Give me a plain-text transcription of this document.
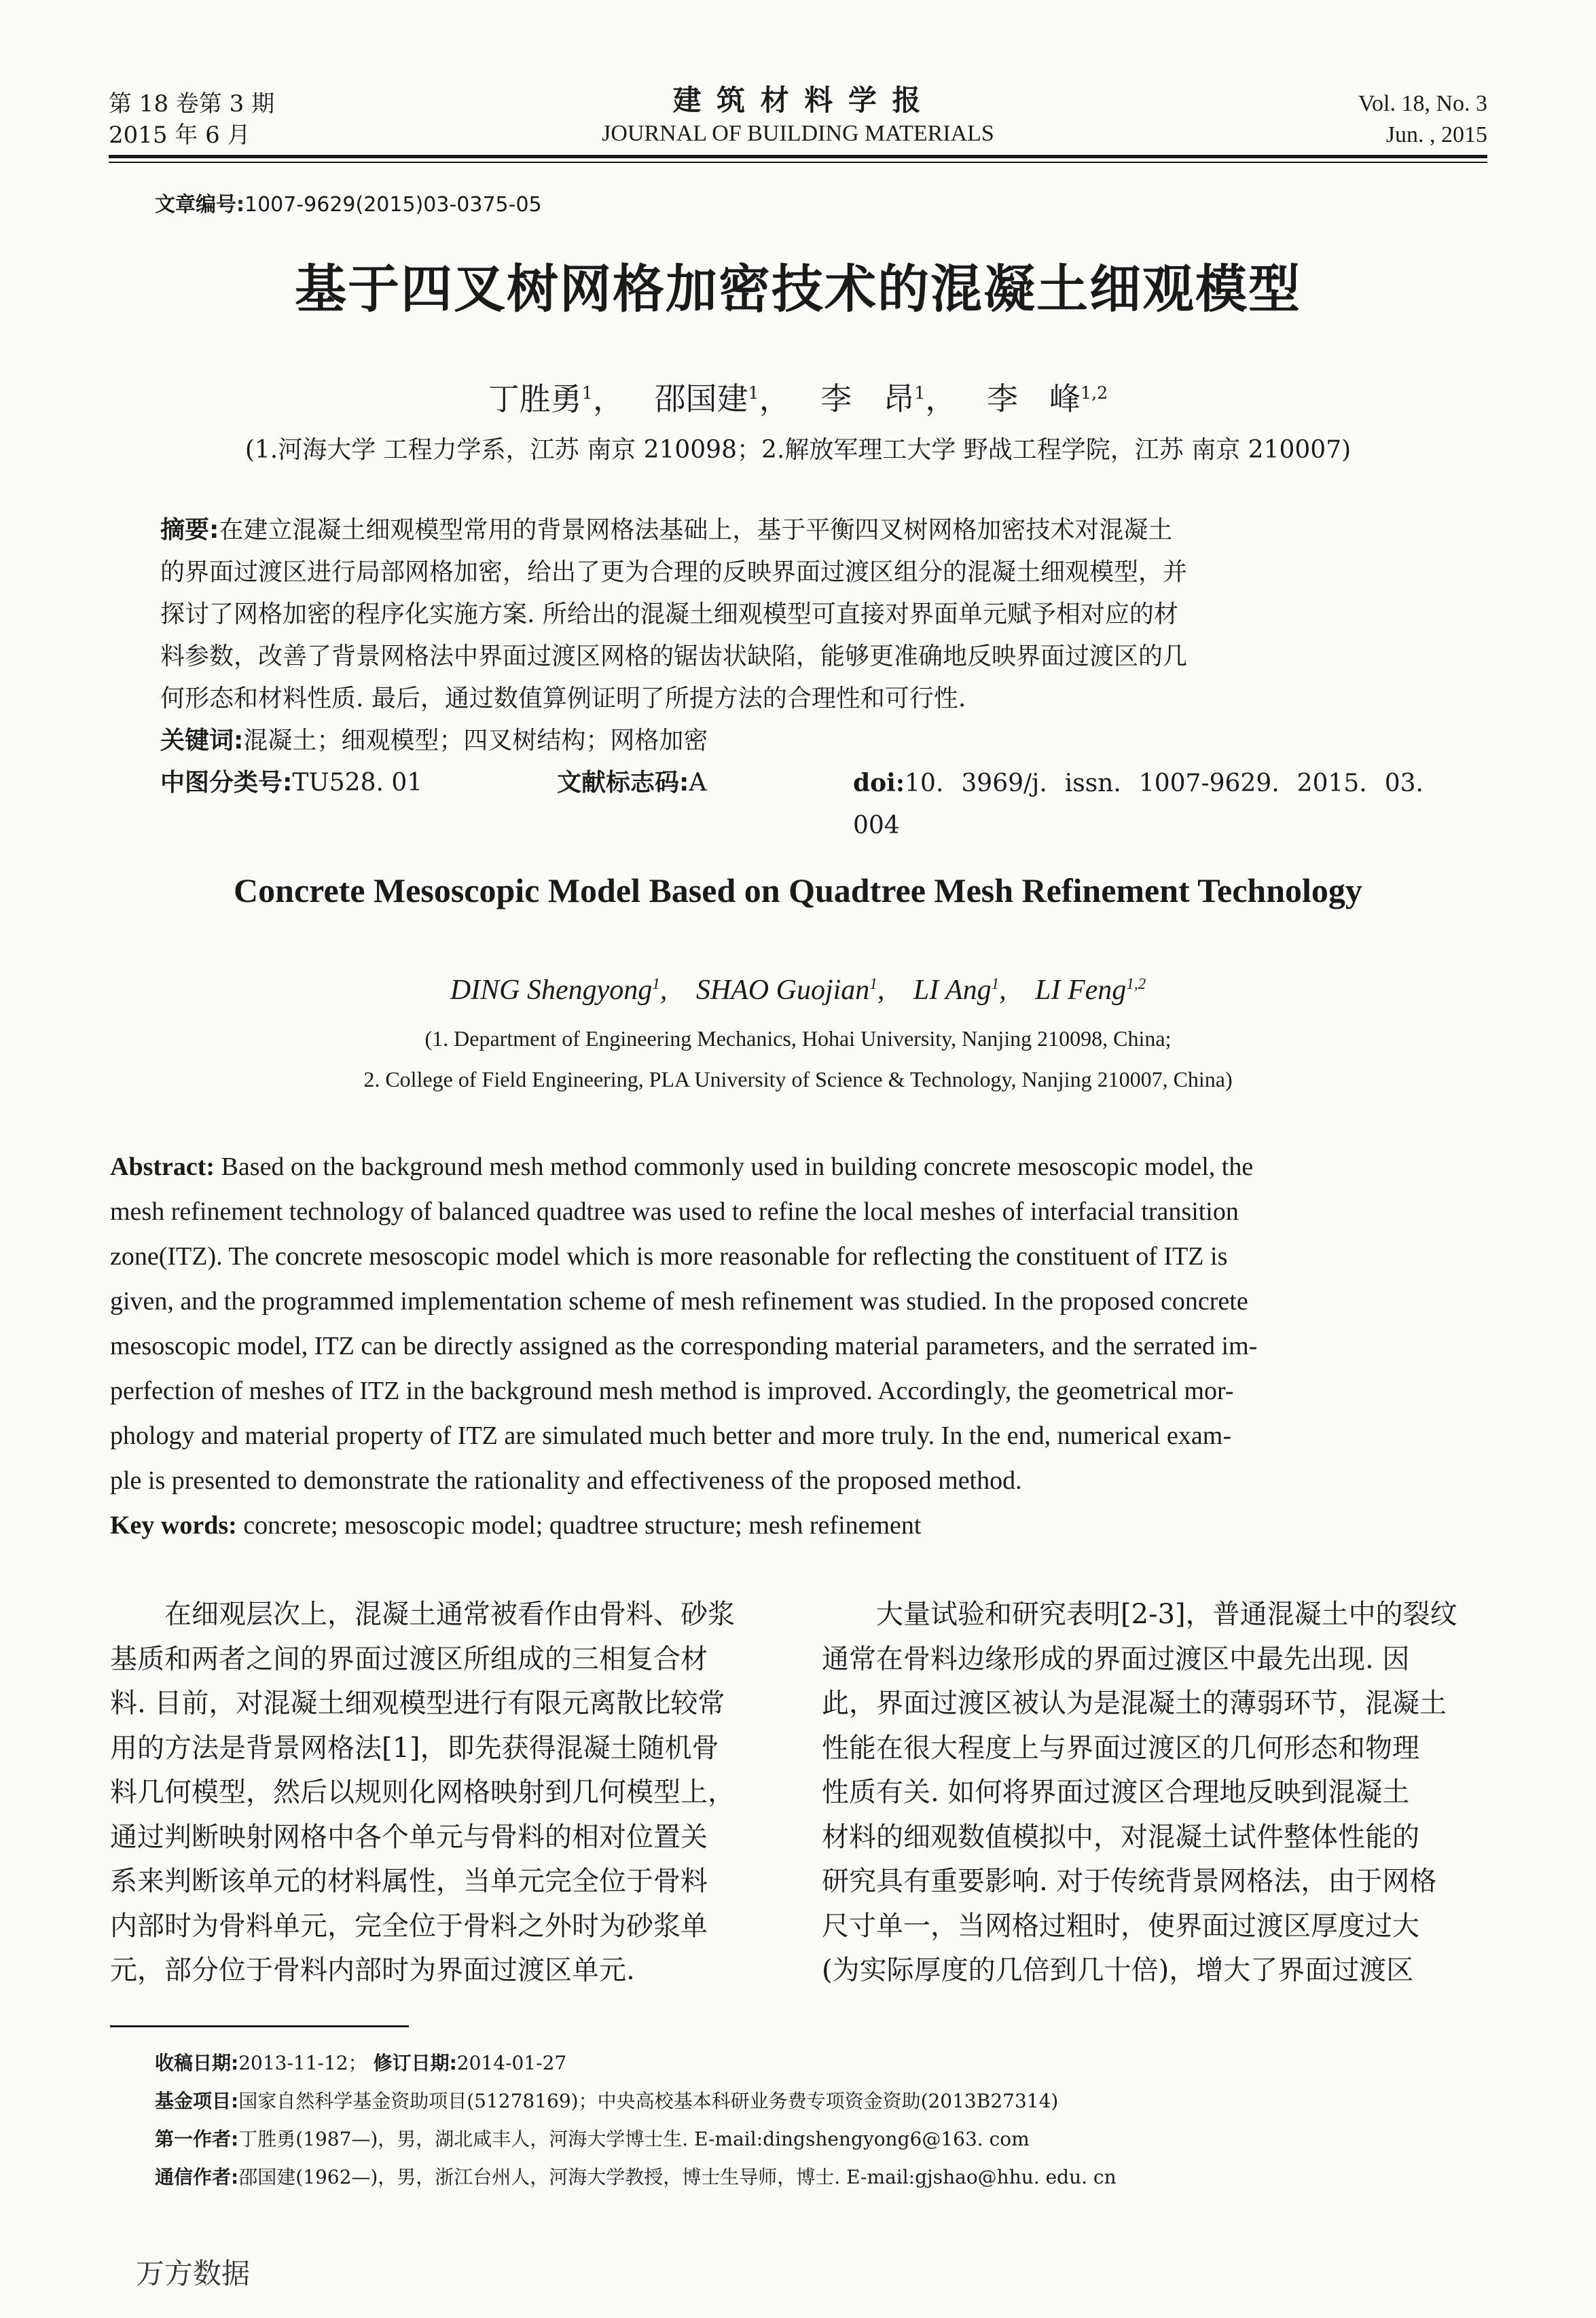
第 18 卷第 3 期
2015 年 6 月
建 筑 材 料 学 报
JOURNAL OF BUILDING MATERIALS
Vol. 18, No. 3
Jun. , 2015
文章编号:1007-9629(2015)03-0375-05
基于四叉树网格加密技术的混凝土细观模型
丁胜勇$^1$， 邵国建$^1$， 李　昂$^1$， 李　峰$^{1,2}$
(1.河海大学 工程力学系，江苏 南京 210098；2.解放军理工大学 野战工程学院，江苏 南京 210007)
摘要:在建立混凝土细观模型常用的背景网格法基础上，基于平衡四叉树网格加密技术对混凝土
的界面过渡区进行局部网格加密，给出了更为合理的反映界面过渡区组分的混凝土细观模型，并
探讨了网格加密的程序化实施方案. 所给出的混凝土细观模型可直接对界面单元赋予相对应的材
料参数，改善了背景网格法中界面过渡区网格的锯齿状缺陷，能够更准确地反映界面过渡区的几
何形态和材料性质. 最后，通过数值算例证明了所提方法的合理性和可行性.
关键词:混凝土；细观模型；四叉树结构；网格加密
中图分类号:TU528. 01	文献标志码:A	doi:10. 3969/j. issn. 1007-9629. 2015. 03. 004
Concrete Mesoscopic Model Based on Quadtree Mesh Refinement Technology
DING Shengyong$^1$, SHAO Guojian$^1$, LI Ang$^1$, LI Feng$^{1,2}$
(1. Department of Engineering Mechanics, Hohai University, Nanjing 210098, China;
2. College of Field Engineering, PLA University of Science & Technology, Nanjing 210007, China)
Abstract: Based on the background mesh method commonly used in building concrete mesoscopic model, the
mesh refinement technology of balanced quadtree was used to refine the local meshes of interfacial transition
zone(ITZ). The concrete mesoscopic model which is more reasonable for reflecting the constituent of ITZ is
given, and the programmed implementation scheme of mesh refinement was studied. In the proposed concrete
mesoscopic model, ITZ can be directly assigned as the corresponding material parameters, and the serrated im-
perfection of meshes of ITZ in the background mesh method is improved. Accordingly, the geometrical mor-
phology and material property of ITZ are simulated much better and more truly. In the end, numerical exam-
ple is presented to demonstrate the rationality and effectiveness of the proposed method.
Key words: concrete; mesoscopic model; quadtree structure; mesh refinement
　　在细观层次上，混凝土通常被看作由骨料、砂浆
基质和两者之间的界面过渡区所组成的三相复合材
料. 目前，对混凝土细观模型进行有限元离散比较常
用的方法是背景网格法[1]，即先获得混凝土随机骨
料几何模型，然后以规则化网格映射到几何模型上，
通过判断映射网格中各个单元与骨料的相对位置关
系来判断该单元的材料属性，当单元完全位于骨料
内部时为骨料单元，完全位于骨料之外时为砂浆单
元，部分位于骨料内部时为界面过渡区单元.
　　大量试验和研究表明[2-3]，普通混凝土中的裂纹
通常在骨料边缘形成的界面过渡区中最先出现. 因
此，界面过渡区被认为是混凝土的薄弱环节，混凝土
性能在很大程度上与界面过渡区的几何形态和物理
性质有关. 如何将界面过渡区合理地反映到混凝土
材料的细观数值模拟中，对混凝土试件整体性能的
研究具有重要影响. 对于传统背景网格法，由于网格
尺寸单一，当网格过粗时，使界面过渡区厚度过大
(为实际厚度的几倍到几十倍)，增大了界面过渡区
收稿日期:2013-11-12； 修订日期:2014-01-27
基金项目:国家自然科学基金资助项目(51278169)；中央高校基本科研业务费专项资金资助(2013B27314)
第一作者:丁胜勇(1987—)，男，湖北咸丰人，河海大学博士生. E-mail:dingshengyong6@163. com
通信作者:邵国建(1962—)，男，浙江台州人，河海大学教授，博士生导师，博士. E-mail:gjshao@hhu. edu. cn
万方数据
